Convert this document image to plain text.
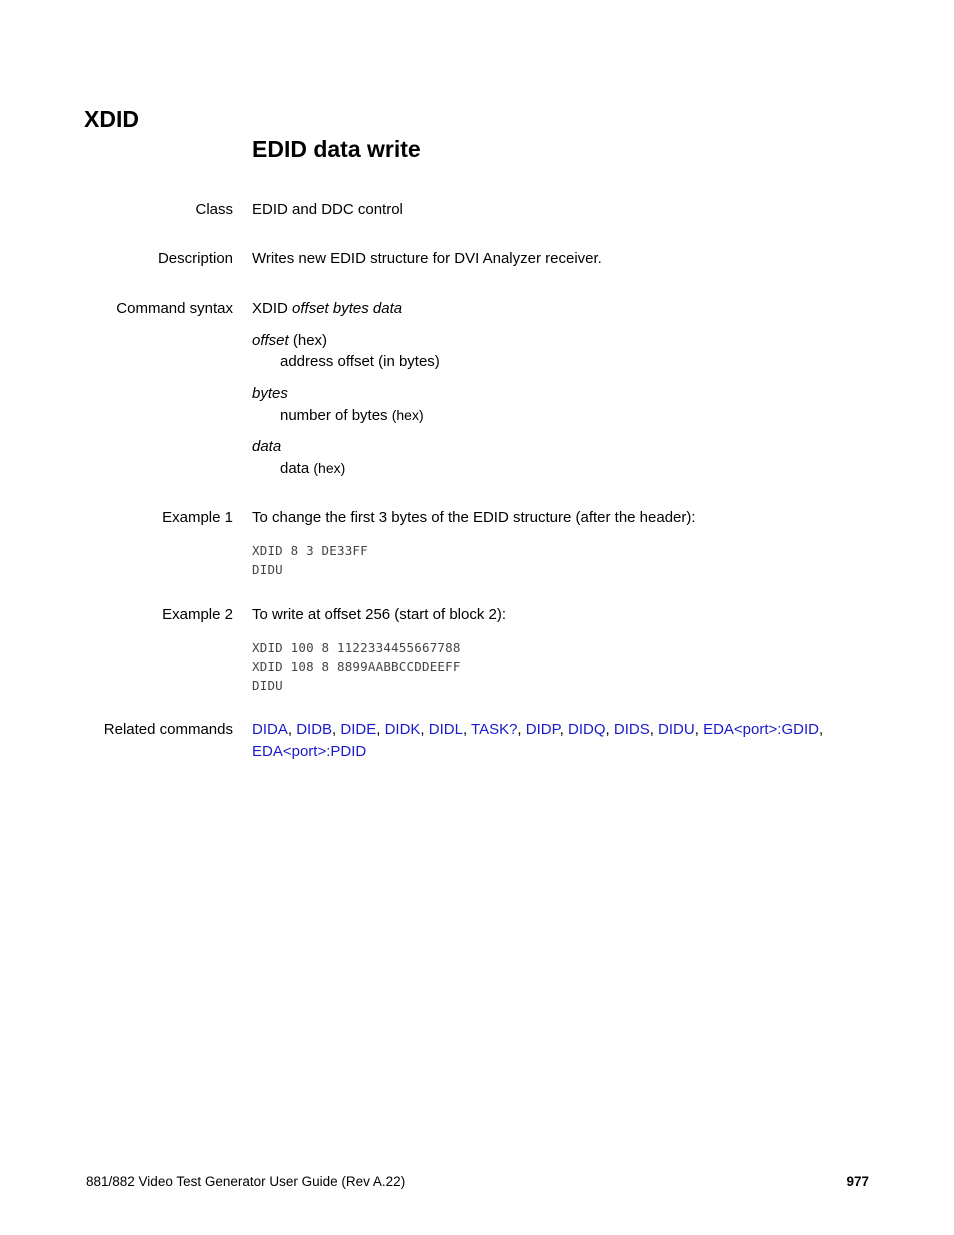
XDID
EDID data write
Class EDID and DDC control
Description Writes new EDID structure for DVI Analyzer receiver.
Command syntax XDID offset bytes data
offset (hex)
address offset (in bytes)
bytes
number of bytes (hex)
data
data (hex)
Example 1 To change the first 3 bytes of the EDID structure (after the header):
XDID 8 3 DE33FF
DIDU
Example 2 To write at offset 256 (start of block 2):
XDID 100 8 1122334455667788
XDID 108 8 8899AABBCCDDEEFF
DIDU
Related commands DIDA, DIDB, DIDE, DIDK, DIDL, TASK?, DIDP, DIDQ, DIDS, DIDU, EDA<port>:GDID, EDA<port>:PDID
881/882 Video Test Generator User Guide (Rev A.22)	977
